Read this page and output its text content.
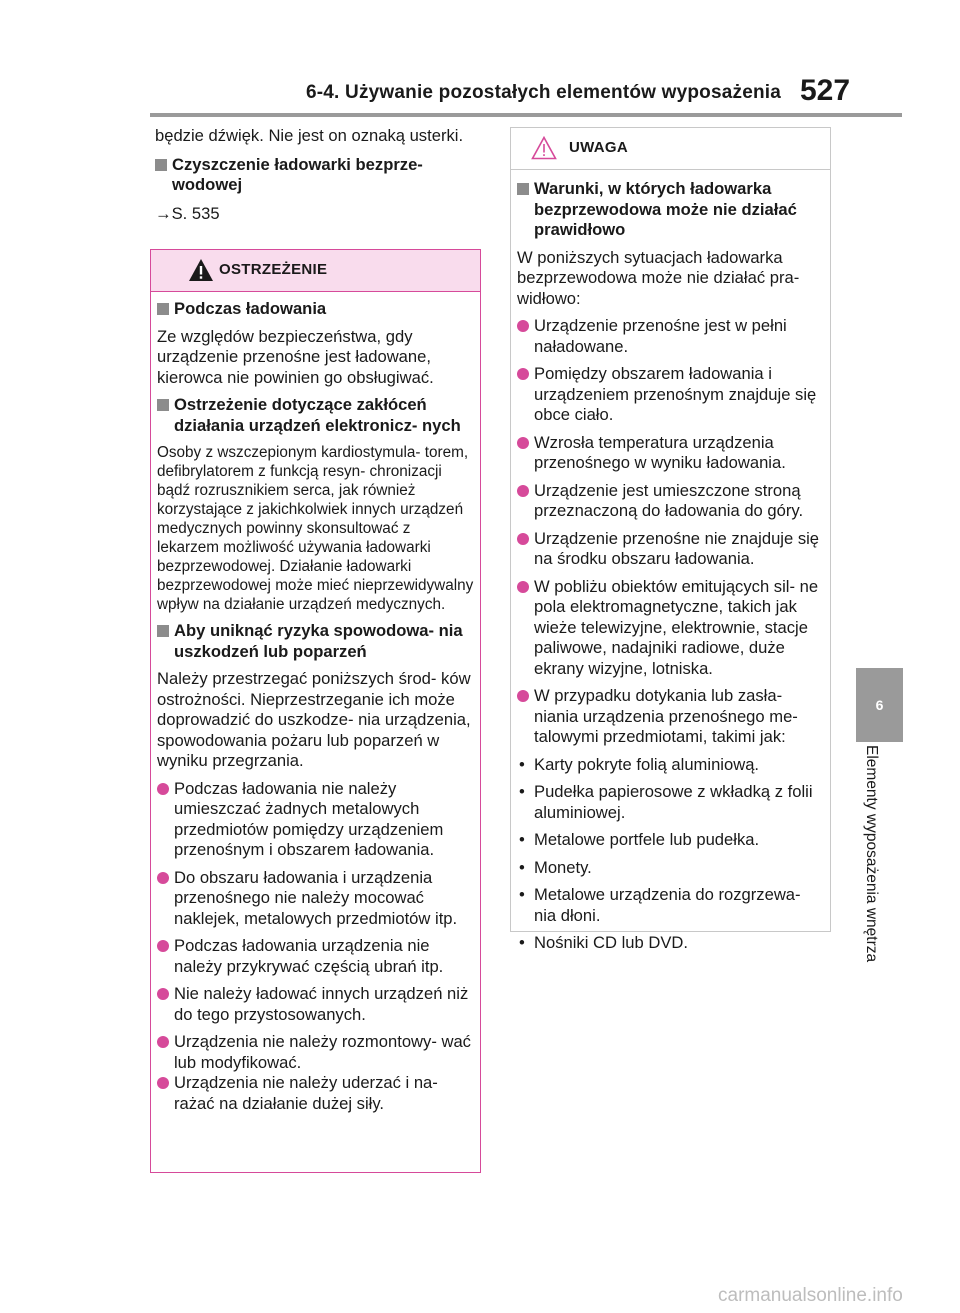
6-4. Używanie pozostałych elementów wyposażenia 527

będzie dźwięk. Nie jest on oznaką usterki.

Czyszczenie ładowarki bezprze- wodowej

→S. 535

OSTRZEŻENIE

Podczas ładowania

Ze względów bezpieczeństwa, gdy urządzenie przenośne jest ładowane, kierowca nie powinien go obsługiwać.

Ostrzeżenie dotyczące zakłóceń działania urządzeń elektronicz- nych

Osoby z wszczepionym kardiostymula- torem, defibrylatorem z funkcją resyn- chronizacji bądź rozrusznikiem serca, jak również korzystające z jakichkolwiek innych urządzeń medycznych powinny skonsultować z lekarzem możliwość używania ładowarki bezprzewodowej. Działanie ładowarki bezprzewodowej może mieć nieprzewidywalny wpływ na działanie urządzeń medycznych.

Aby uniknąć ryzyka spowodowa- nia uszkodzeń lub poparzeń

Należy przestrzegać poniższych środ- ków ostrożności. Nieprzestrzeganie ich może doprowadzić do uszkodze- nia urządzenia, spowodowania pożaru lub poparzeń w wyniku przegrzania.

Podczas ładowania nie należy umieszczać żadnych metalowych przedmiotów pomiędzy urządzeniem przenośnym i obszarem ładowania.

Do obszaru ładowania i urządzenia przenośnego nie należy mocować naklejek, metalowych przedmiotów itp.

Podczas ładowania urządzenia nie należy przykrywać częścią ubrań itp.

Nie należy ładować innych urządzeń niż do tego przystosowanych.

Urządzenia nie należy rozmontowy- wać lub modyfikować.

Urządzenia nie należy uderzać i na- rażać na działanie dużej siły.

UWAGA

Warunki, w których ładowarka bezprzewodowa może nie działać prawidłowo

W poniższych sytuacjach ładowarka bezprzewodowa może nie działać pra- widłowo:

Urządzenie przenośne jest w pełni naładowane.

Pomiędzy obszarem ładowania i urządzeniem przenośnym znajduje się obce ciało.

Wzrosła temperatura urządzenia przenośnego w wyniku ładowania.

Urządzenie jest umieszczone stroną przeznaczoną do ładowania do góry.

Urządzenie przenośne nie znajduje się na środku obszaru ładowania.

W pobliżu obiektów emitujących sil- ne pola elektromagnetyczne, takich jak wieże telewizyjne, elektrownie, stacje paliwowe, nadajniki radiowe, duże ekrany wizyjne, lotniska.

W przypadku dotykania lub zasła- niania urządzenia przenośnego me- talowymi przedmiotami, takimi jak:

• Karty pokryte folią aluminiową.

• Pudełka papierosowe z wkładką z folii aluminiowej.

• Metalowe portfele lub pudełka.

• Monety.

• Metalowe urządzenia do rozgrzewa- nia dłoni.

• Nośniki CD lub DVD.

6
Elementy wyposażenia wnętrza
carmanualsonline.info
